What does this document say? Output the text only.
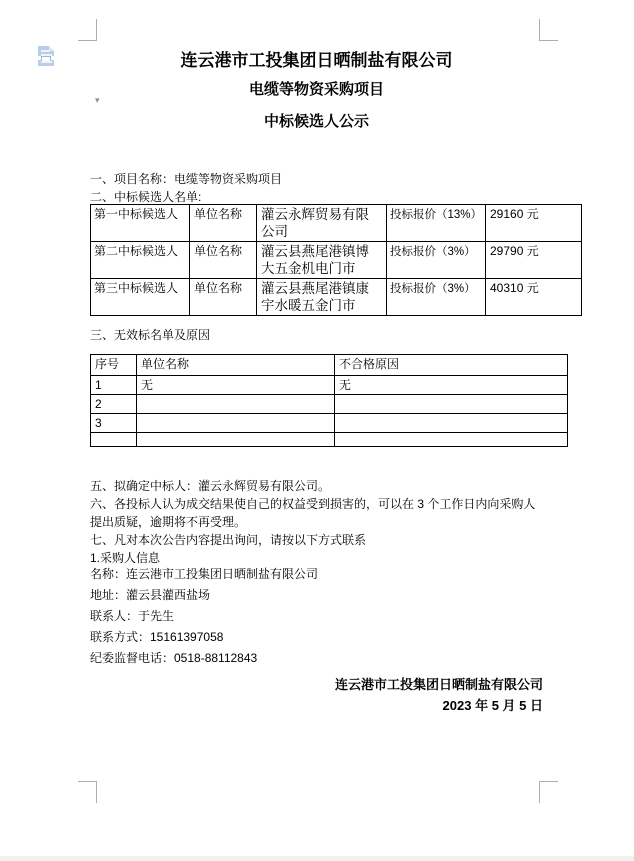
▾
连云港市工投集团日晒制盐有限公司
电缆等物资采购项目
中标候选人公示
一、项目名称：电缆等物资采购项目
二、中标候选人名单:
第一中标候选人	单位名称	灌云永辉贸易有限公司	投标报价（13%）	29160 元
第二中标候选人	单位名称	灌云县燕尾港镇博大五金机电门市	投标报价（3%）	29790 元
第三中标候选人	单位名称	灌云县燕尾港镇康宇水暖五金门市	投标报价（3%）	40310 元
三、无效标名单及原因
序号	单位名称	不合格原因
1	无	无
2		
3		

五、拟确定中标人：灌云永辉贸易有限公司。
六、各投标人认为成交结果使自己的权益受到损害的，可以在 3 个工作日内向采购人提出质疑，逾期将不再受理。
七、凡对本次公告内容提出询问，请按以下方式联系
1.采购人信息
名称：连云港市工投集团日晒制盐有限公司
地址：灌云县灌西盐场
联系人：于先生
联系方式：15161397058
纪委监督电话：0518-88112843
连云港市工投集团日晒制盐有限公司
2023 年 5 月 5 日
